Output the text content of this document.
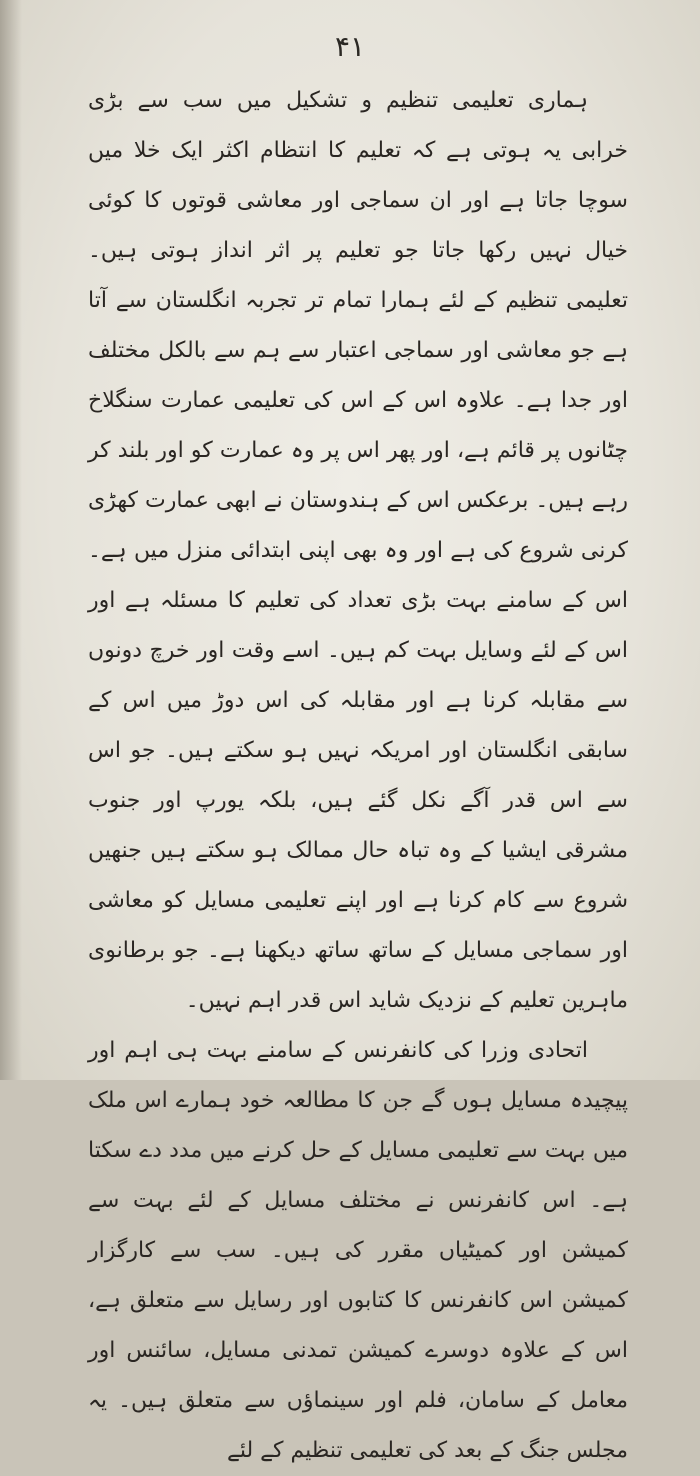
۴۱

ہماری تعلیمی تنظیم و تشکیل میں سب سے بڑی خرابی یہ ہوتی ہے کہ تعلیم کا انتظام اکثر ایک خلا میں سوچا جاتا ہے اور ان سماجی اور معاشی قوتوں کا کوئی خیال نہیں رکھا جاتا جو تعلیم پر اثر انداز ہوتی ہیں۔ تعلیمی تنظیم کے لئے ہمارا تمام تر تجربہ انگلستان سے آتا ہے جو معاشی اور سماجی اعتبار سے ہم سے بالکل مختلف اور جدا ہے۔ علاوہ اس کے اس کی تعلیمی عمارت سنگلاخ چٹانوں پر قائم ہے، اور پھر اس پر وہ عمارت کو اور بلند کر رہے ہیں۔ برعکس اس کے ہندوستان نے ابھی عمارت کھڑی کرنی شروع کی ہے اور وہ بھی اپنی ابتدائی منزل میں ہے۔ اس کے سامنے بہت بڑی تعداد کی تعلیم کا مسئلہ ہے اور اس کے لئے وسایل بہت کم ہیں۔ اسے وقت اور خرچ دونوں سے مقابلہ کرنا ہے اور مقابلہ کی اس دوڑ میں اس کے سابقی انگلستان اور امریکہ نہیں ہو سکتے ہیں۔ جو اس سے اس قدر آگے نکل گئے ہیں، بلکہ یورپ اور جنوب مشرقی ایشیا کے وہ تباہ حال ممالک ہو سکتے ہیں جنھیں شروع سے کام کرنا ہے اور اپنے تعلیمی مسایل کو معاشی اور سماجی مسایل کے ساتھ ساتھ دیکھنا ہے۔ جو برطانوی ماہرین تعلیم کے نزدیک شاید اس قدر اہم نہیں۔

اتحادی وزرا کی کانفرنس کے سامنے بہت ہی اہم اور پیچیدہ مسایل ہوں گے جن کا مطالعہ خود ہمارے اس ملک میں بہت سے تعلیمی مسایل کے حل کرنے میں مدد دے سکتا ہے۔ اس کانفرنس نے مختلف مسایل کے لئے بہت سے کمیشن اور کمیٹیاں مقرر کی ہیں۔ سب سے کارگزار کمیشن اس کانفرنس کا کتابوں اور رسایل سے متعلق ہے، اس کے علاوہ دوسرے کمیشن تمدنی مسایل، سائنس اور معامل کے سامان، فلم اور سینماؤں سے متعلق ہیں۔ یہ مجلس جنگ کے بعد کی تعلیمی تنظیم کے لئے
